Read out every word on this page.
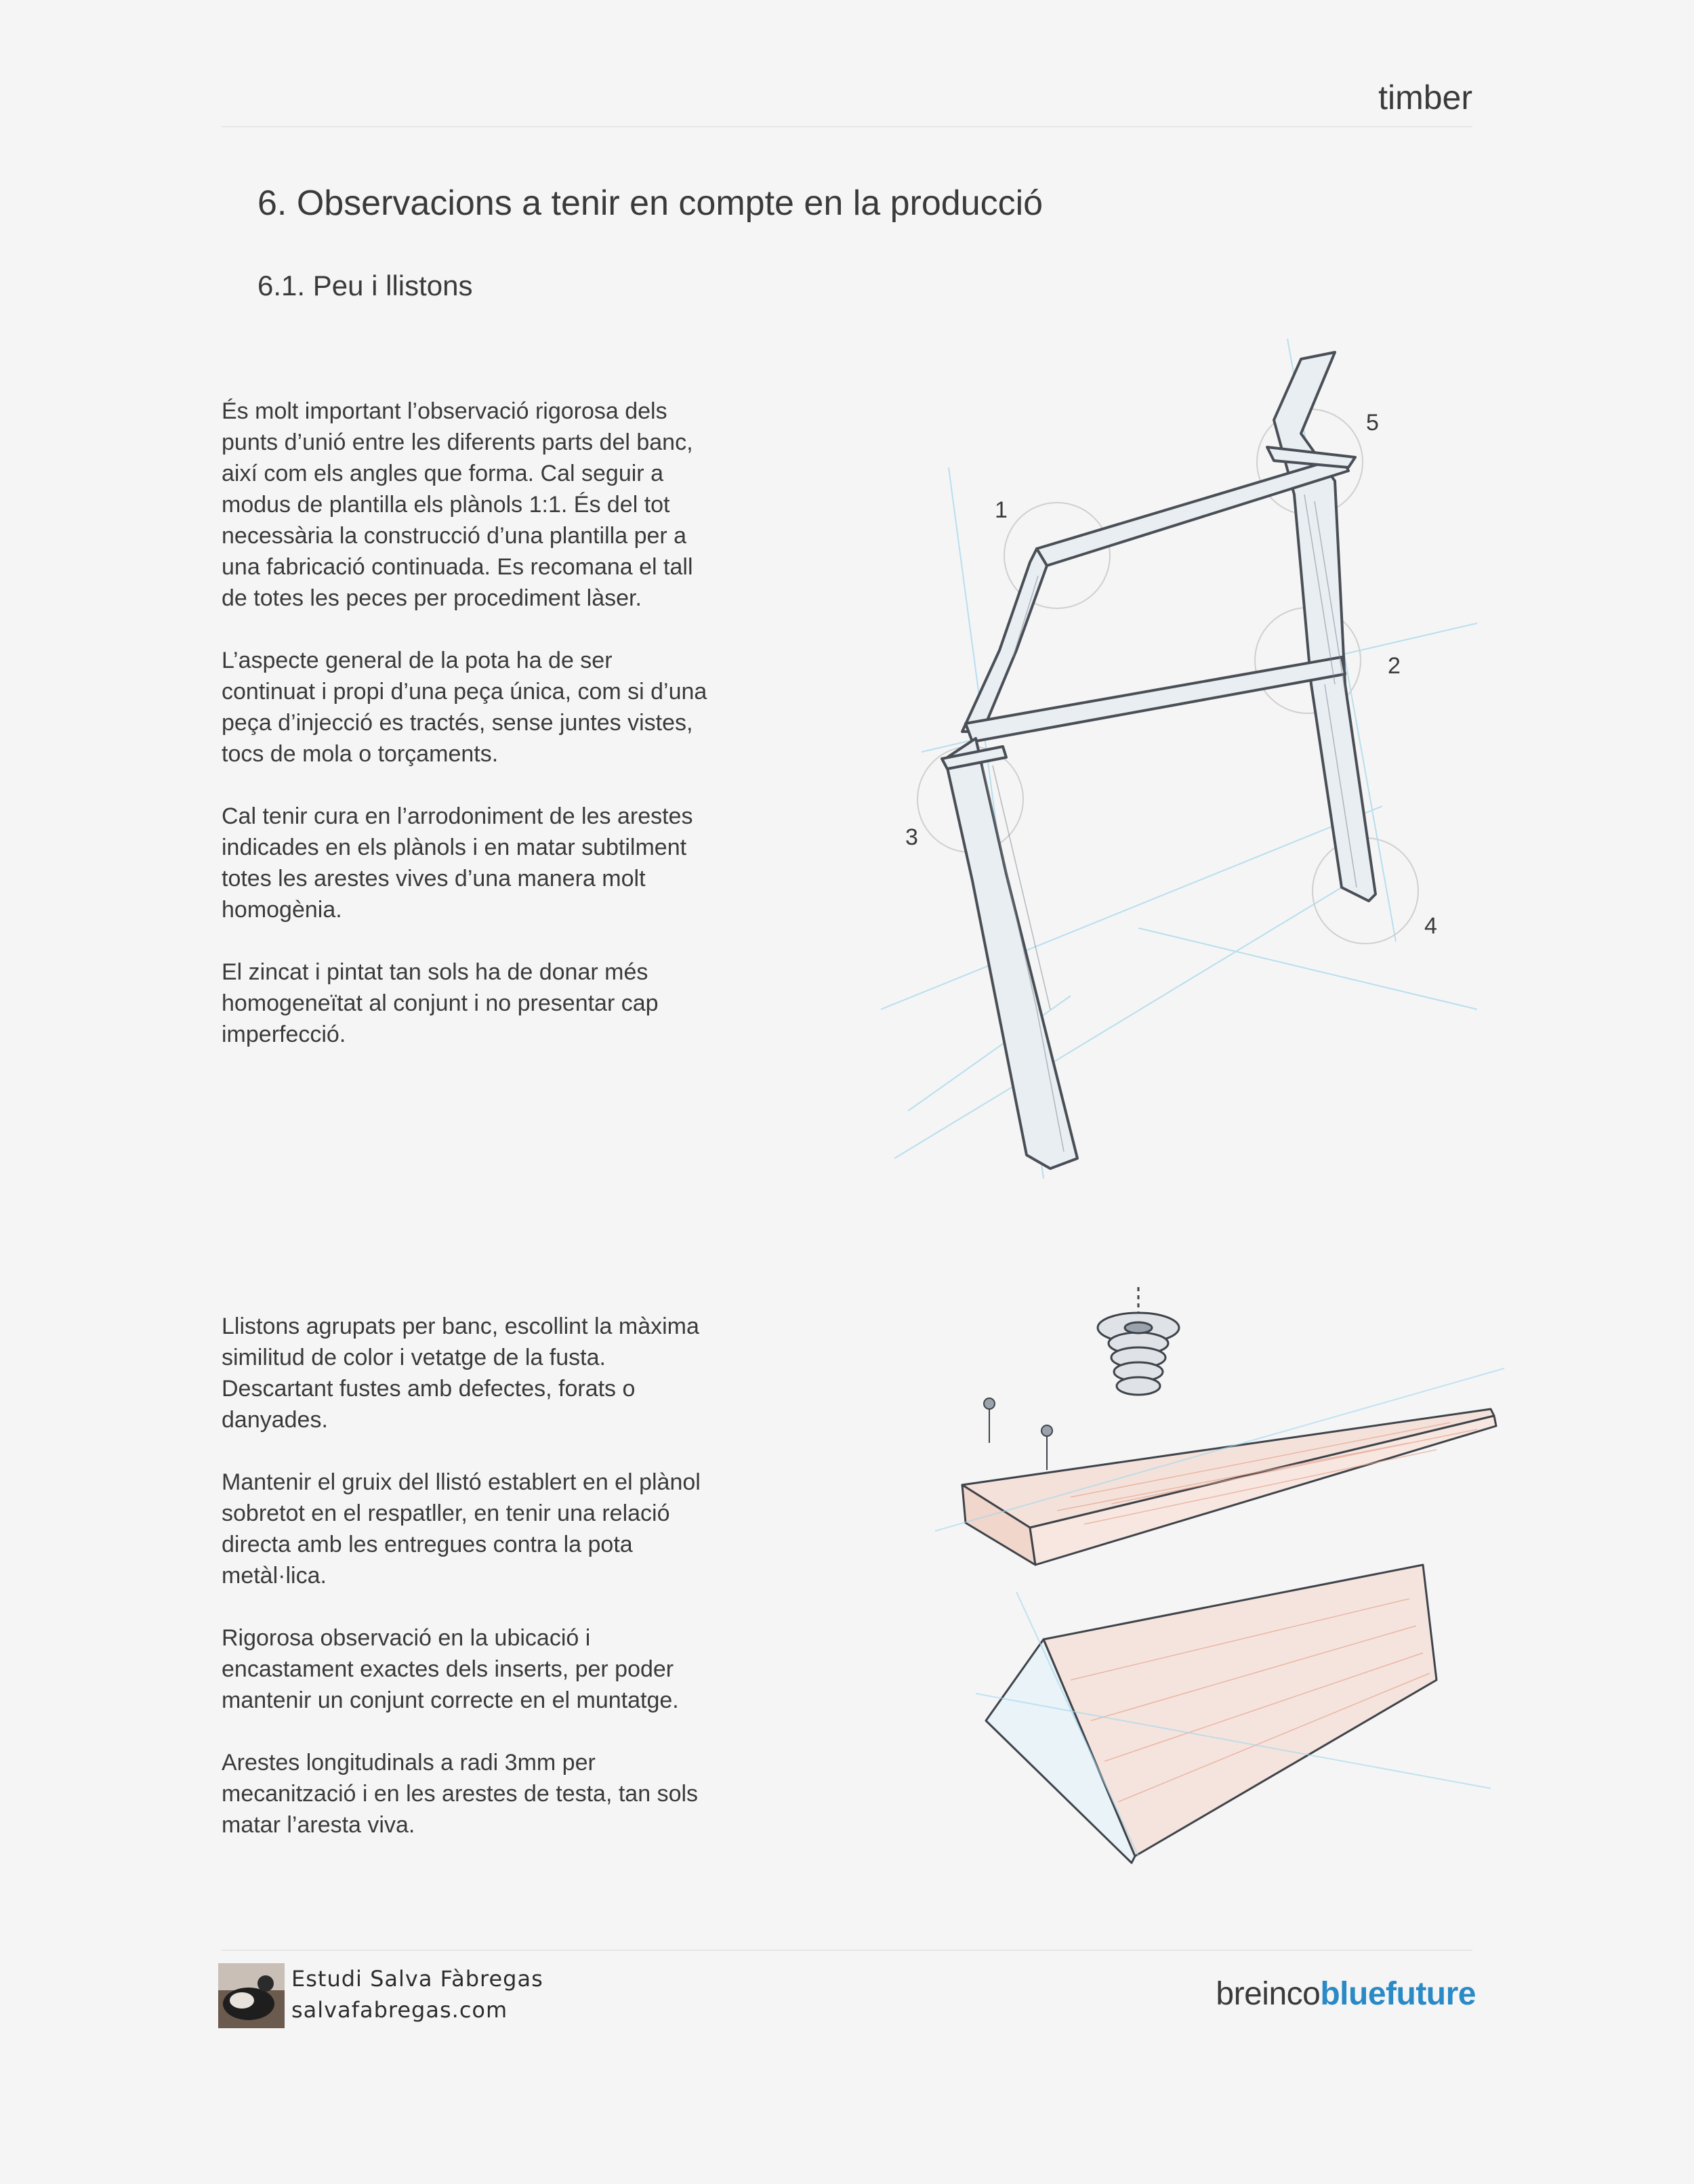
timber
6. Observacions a tenir en compte en la producció
6.1. Peu i llistons

És molt important l’observació rigorosa dels punts d’unió entre les diferents parts del banc, així com els angles que forma. Cal seguir a modus de plantilla els plànols 1:1. És del tot necessària la construcció d’una plantilla per a una fabricació continuada. Es recomana el tall de totes les peces per procediment làser.

L’aspecte general de la pota ha de ser continuat i propi d’una peça única, com si d’una peça d’injecció es tractés, sense juntes vistes, tocs de mola o torçaments.

Cal tenir cura en l’arrodoniment de les arestes indicades en els plànols i en matar subtilment totes les arestes vives d’una manera molt homogènia.

El zincat i pintat tan sols ha de donar més homogeneïtat al conjunt i no presentar cap imperfecció.

1
2
3
4
5

Llistons agrupats per banc, escollint la màxima similitud de color i vetatge de la fusta. Descartant fustes amb defectes, forats o danyades.

Mantenir el gruix del llistó establert en el plànol sobretot en el respatller, en tenir una relació directa amb les entregues contra la pota metàl·lica.

Rigorosa observació en la ubicació i encastament exactes dels inserts, per poder mantenir un conjunt correcte en el muntatge.

Arestes longitudinals a radi 3mm per mecanització i en les arestes de testa, tan sols matar l’aresta viva.

Estudi Salva Fàbregas
salvafabregas.com	breincobluefuture
